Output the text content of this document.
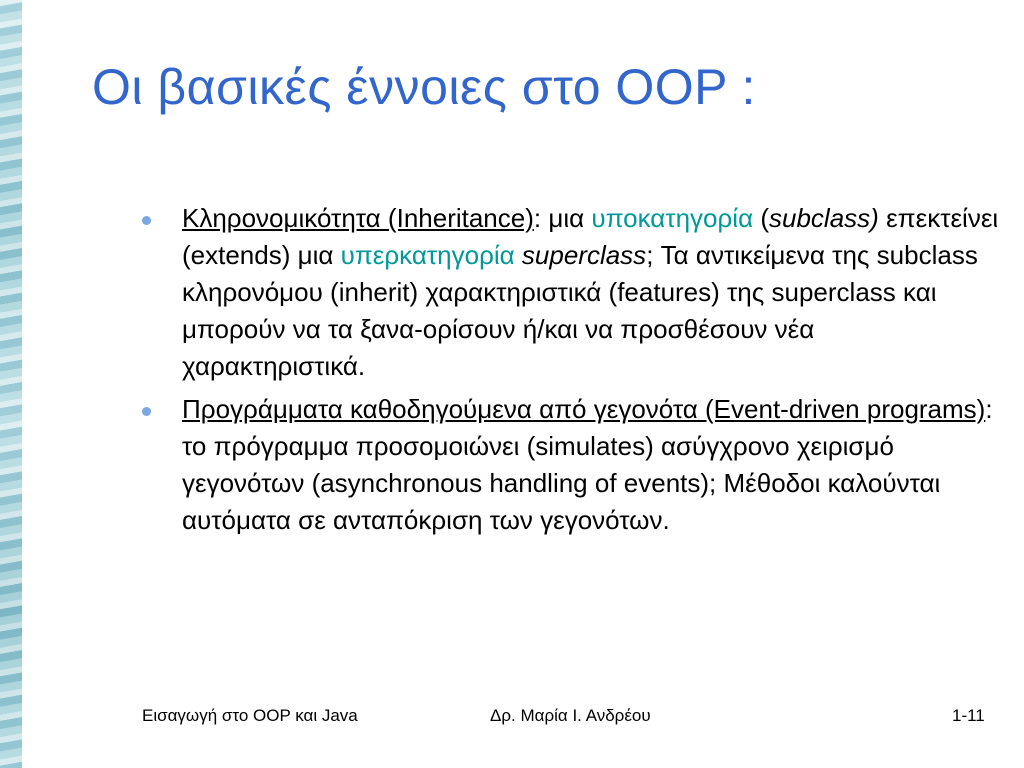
Οι βασικές έννοιες στο OOP :
Κληρονομικότητα (Inheritance): μια υποκατηγορία (subclass) επεκτείνει (extends) μια υπερκατηγορία superclass; Τα αντικείμενα της subclass κληρονόμου (inherit) χαρακτηριστικά (features) της superclass και μπορούν να τα ξανα-ορίσουν ή/και να προσθέσουν νέα χαρακτηριστικά.
Προγράμματα καθοδηγούμενα από γεγονότα (Event-driven programs): το πρόγραμμα προσομοιώνει (simulates) ασύγχρονο χειρισμό γεγονότων (asynchronous handling of events); Μέθοδοι καλούνται αυτόματα σε ανταπόκριση των γεγονότων.
Εισαγωγή στο OOP και Java	Δρ. Μαρία Ι. Ανδρέου	1-11
